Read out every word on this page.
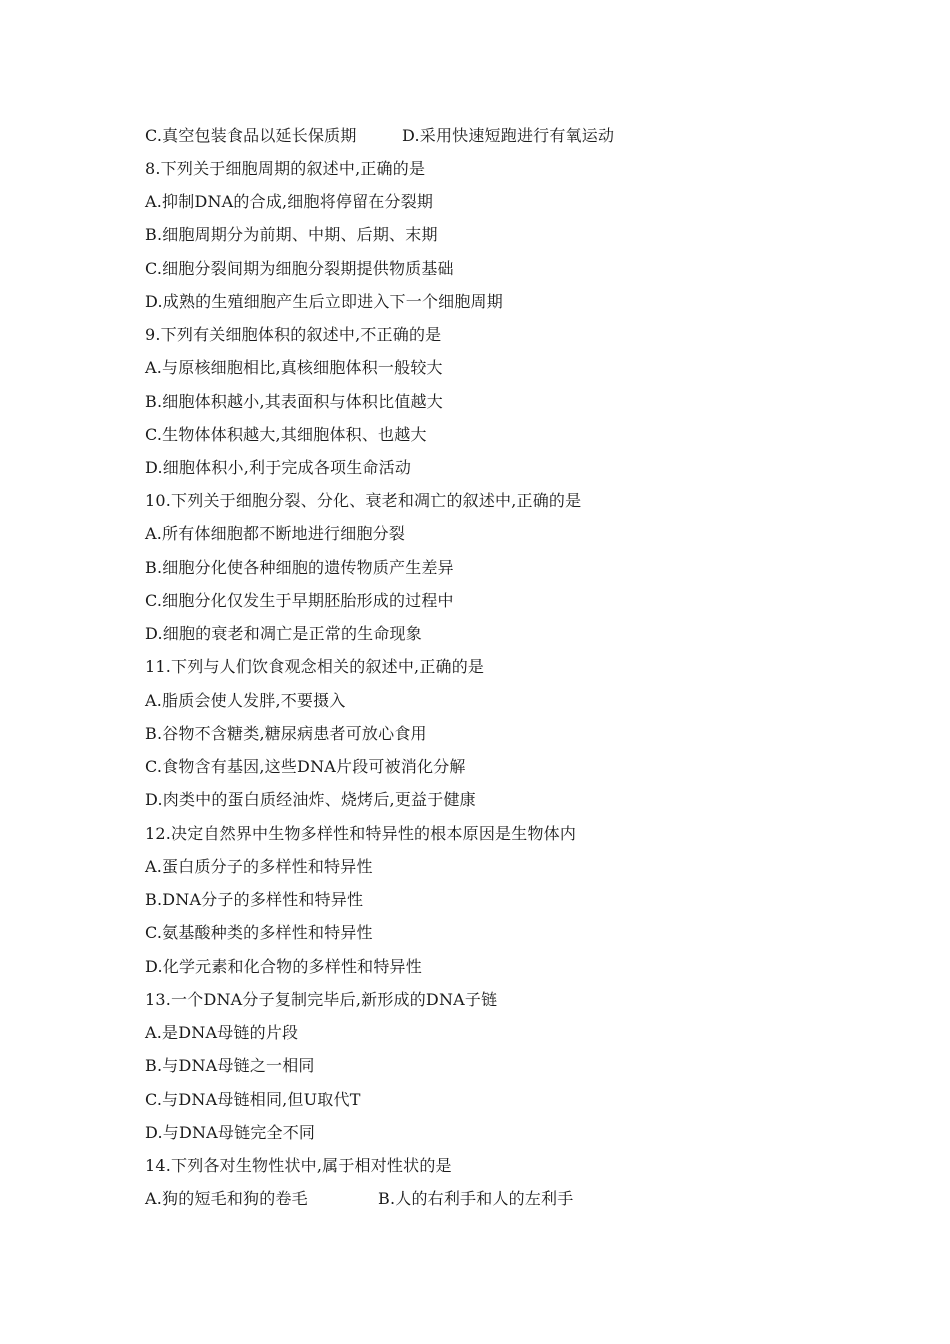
C.真空包装食品以延长保质期	D.采用快速短跑进行有氧运动
8.下列关于细胞周期的叙述中,正确的是
A.抑制DNA的合成,细胞将停留在分裂期
B.细胞周期分为前期、中期、后期、末期
C.细胞分裂间期为细胞分裂期提供物质基础
D.成熟的生殖细胞产生后立即进入下一个细胞周期
9.下列有关细胞体积的叙述中,不正确的是
A.与原核细胞相比,真核细胞体积一般较大
B.细胞体积越小,其表面积与体积比值越大
C.生物体体积越大,其细胞体积、也越大
D.细胞体积小,利于完成各项生命活动
10.下列关于细胞分裂、分化、衰老和凋亡的叙述中,正确的是
A.所有体细胞都不断地进行细胞分裂
B.细胞分化使各种细胞的遗传物质产生差异
C.细胞分化仅发生于早期胚胎形成的过程中
D.细胞的衰老和凋亡是正常的生命现象
11.下列与人们饮食观念相关的叙述中,正确的是
A.脂质会使人发胖,不要摄入
B.谷物不含糖类,糖尿病患者可放心食用
C.食物含有基因,这些DNA片段可被消化分解
D.肉类中的蛋白质经油炸、烧烤后,更益于健康
12.决定自然界中生物多样性和特异性的根本原因是生物体内
A.蛋白质分子的多样性和特异性
B.DNA分子的多样性和特异性
C.氨基酸种类的多样性和特异性
D.化学元素和化合物的多样性和特异性
13.一个DNA分子复制完毕后,新形成的DNA子链
A.是DNA母链的片段
B.与DNA母链之一相同
C.与DNA母链相同,但U取代T
D.与DNA母链完全不同
14.下列各对生物性状中,属于相对性状的是
A.狗的短毛和狗的卷毛	B.人的右利手和人的左利手
